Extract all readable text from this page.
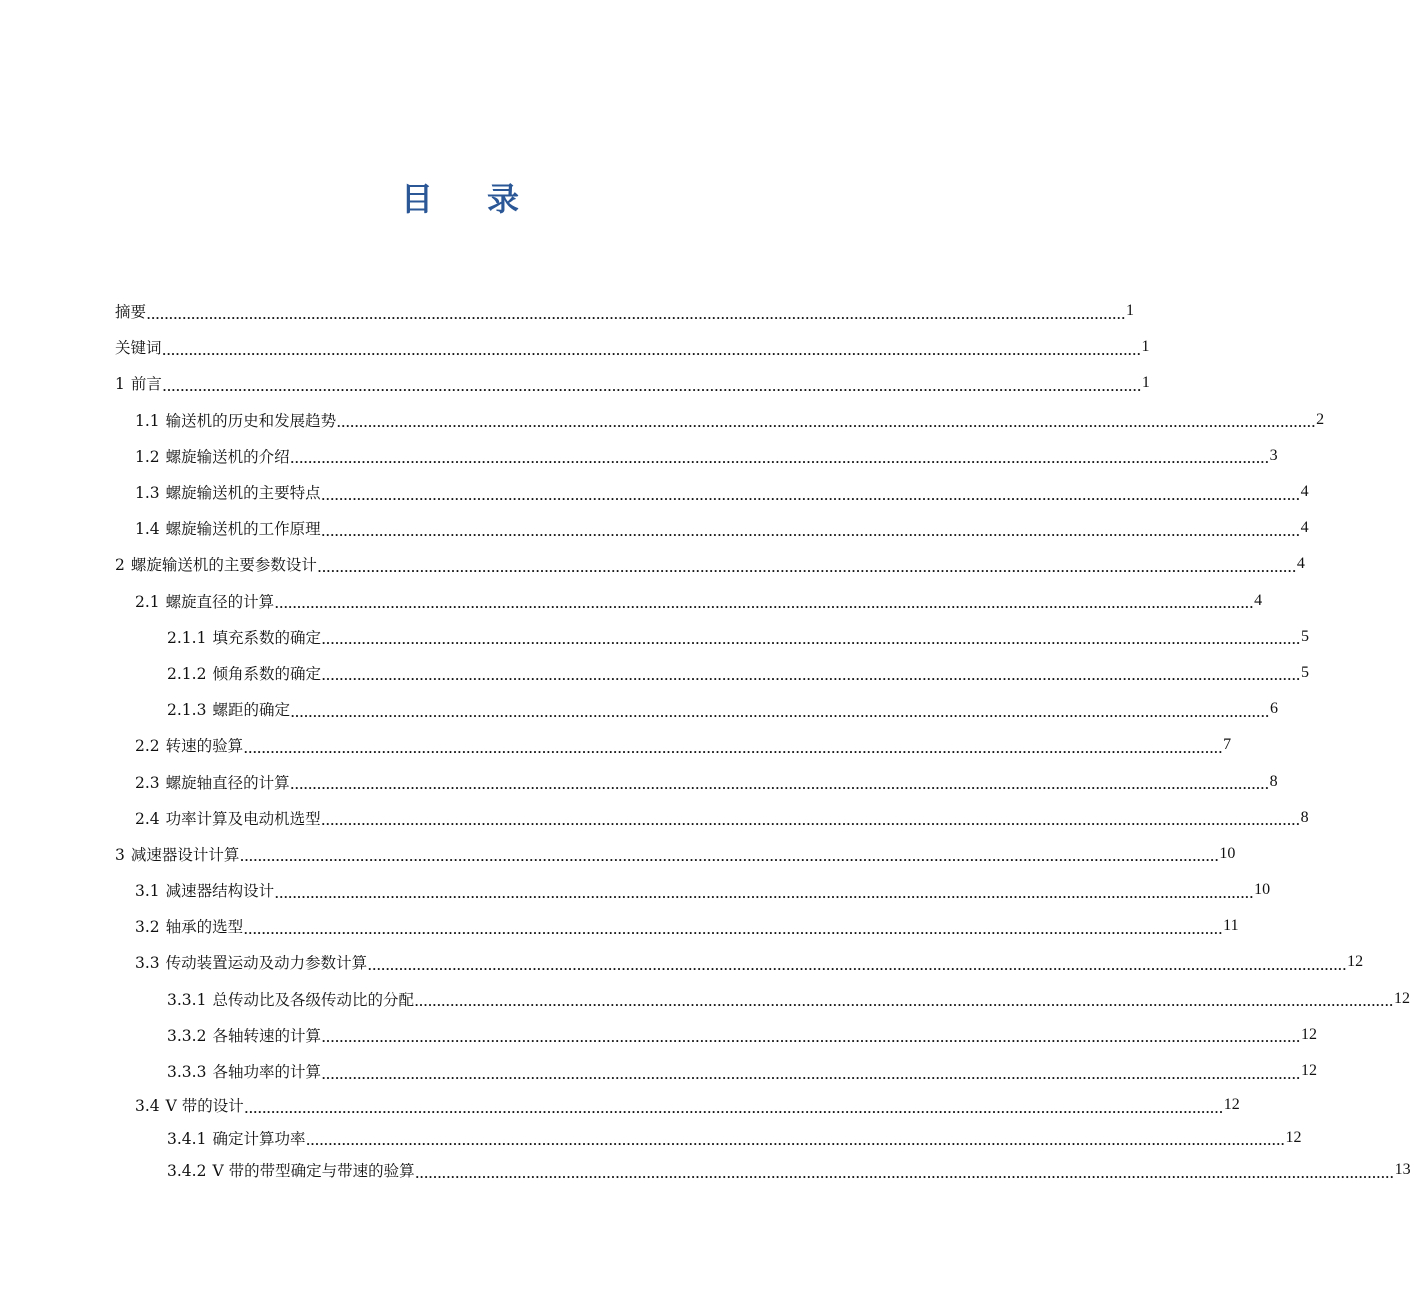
目 录
摘要 ............................................................................................................................................................................................................................ 1
关键词 ............................................................................................................................................................................................................................ 1
1 前言 ............................................................................................................................................................................................................................ 1
1.1 输送机的历史和发展趋势 ............................................................................................................................................................................................................................ 2
1.2 螺旋输送机的介绍 ............................................................................................................................................................................................................................ 3
1.3 螺旋输送机的主要特点 ............................................................................................................................................................................................................................ 4
1.4 螺旋输送机的工作原理 ............................................................................................................................................................................................................................ 4
2 螺旋输送机的主要参数设计 ............................................................................................................................................................................................................................ 4
2.1 螺旋直径的计算 ............................................................................................................................................................................................................................ 4
2.1.1 填充系数的确定 ............................................................................................................................................................................................................................ 5
2.1.2 倾角系数的确定 ............................................................................................................................................................................................................................ 5
2.1.3 螺距的确定 ............................................................................................................................................................................................................................ 6
2.2 转速的验算 ............................................................................................................................................................................................................................ 7
2.3 螺旋轴直径的计算 ............................................................................................................................................................................................................................ 8
2.4 功率计算及电动机选型 ............................................................................................................................................................................................................................ 8
3 减速器设计计算 ............................................................................................................................................................................................................................ 10
3.1 减速器结构设计 ............................................................................................................................................................................................................................ 10
3.2 轴承的选型 ............................................................................................................................................................................................................................ 11
3.3 传动装置运动及动力参数计算 ............................................................................................................................................................................................................................ 12
3.3.1 总传动比及各级传动比的分配 ............................................................................................................................................................................................................................ 12
3.3.2 各轴转速的计算 ............................................................................................................................................................................................................................ 12
3.3.3 各轴功率的计算 ............................................................................................................................................................................................................................ 12
3.4 V 带的设计 ............................................................................................................................................................................................................................ 12
3.4.1 确定计算功率 ............................................................................................................................................................................................................................ 12
3.4.2 V 带的带型确定与带速的验算 ............................................................................................................................................................................................................................ 13
